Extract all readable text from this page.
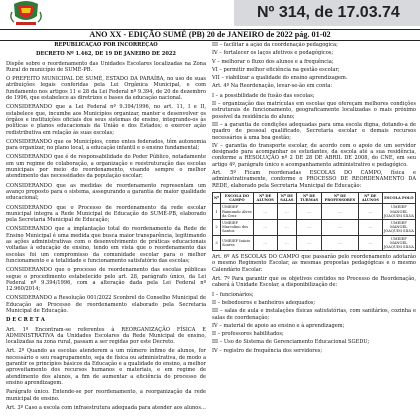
Nº 314, de 17.03.74
ANO XX - EDIÇÃO SUMÉ (PB) 20 de JANEIRO de 2022 pág. 01-02

REPUBLICAÇÃO POR INCORREÇÃO

DECRETO Nº 1.462, DE 19 DE JANEIRO DE 2022

Dispõe sobre o reordenamento das Unidades Escolares localizadas na Zona Rural do município de SUMÉ-PB.

O PREFEITO MUNICIPAL DE SUMÉ, ESTADO DA PARAÍBA, no uso de suas atribuições legais conferidas pela Lei Orgânica Municipal, e com fundamento nos artigos 11 e 28 da Lei Federal nº 9.394, de 20 de dezembro de 1996, que estabelece as diretrizes e bases da educação nacional.

CONSIDERANDO que a Lei Federal nº 9.394/1996, no art. 11, I e II, estabelece que, incumbe aos Municípios organizar, manter e desenvolver os órgãos e instituições oficiais dos seus sistemas de ensino, integrando-os às políticas e planos educacionais da União e dos Estados; e exercer ação redistributiva em relação às suas escolas;

CONSIDERANDO que os Municípios, como entes federados, têm autonomia para organizar, no plano local, a educação infantil e o ensino fundamental;

CONSIDERANDO que é de responsabilidade do Poder Público, notadamente em um regime de colaboração, a organização e reestruturação das escolas municipais por meio do reordenamento, visando sempre o melhor atendimento das necessidades da população escolar;

CONSIDERANDO que as medidas de reordenamento representam um avanço proposto para o sistema, assegurando a garantia de maior qualidade educacional;

CONSIDERANDO que o Processo de reordenamento da rede escolar municipal integra a Rede Municipal de Educação do SUMÉ-PB, elaborado pela Secretaria Municipal de Educação;

CONSIDERANDO que a implantação total do reordenamento da Rede de Ensino Municipal é uma medida que busca maior transparência, legitimando as ações administrativas com o desenvolvimento de práticas educacionais voltadas à educação de ensino, tendo em vista que o reordenamento das escolas foi um compromisso da comunidade escolar para o melhor funcionamento e a totalidade e funcionamento satisfatório das escolas;

CONSIDERANDO que o processo de reordenamento das escolas públicas segue o procedimento estabelecido pelo art. 28, parágrafo único, da Lei Federal nº 9.394/1996, com a alteração dada pela Lei Federal nº 12.960/2014;

CONSIDERANDO a Resolução 001/2022 Sconbrel do Conselho Municipal de Educação ao Processo de reordenamento elaborado pela Secretaria Municipal de Educação.

D E C R E T A

Art. 1º Encontram-se referentes à REORGANIZAÇÃO FÍSICA E ADMINISTRATIVA da Unidades Escolares da Rede Municipal de ensino, localizadas na zona rural, passam a ser regidas por este Decreto.

Art. 2º Quando as escolas atenderem a um número ínfimo de alunos, for necessário o seu reagrupamento, seja de física ou administrativa, de modo a garantir os princípios básicos da Educação e a qualidade do ensino, a melhor aproveitamento dos recursos humanos e materiais, e em regime de atendimento dos alunos, a fim de aumentar a eficiência do processo de ensino aprendizagem.

Parágrafo único. Entende-se por reordenamento, a reorganização da rede municipal de ensino.

Art. 3º Caso a escola com infraestrutura adequada para atender aos alunos...

III – facilitar a ação da coordenação pedagógica;

IV – fortalecer os laços afetivos e pedagógicos;

V – melhorar o fluxo dos alunos e a frequência;

VI – permitir melhor eficiência na gestão escolar;

VII – viabilizar a qualidade do ensino aprendizagem.

Art. 4º Na Reordenação, levar-se-ão em conta:

I – a possibilidade de fusão das escolas;

II – organização das matrículas em escolas que ofereçam melhores condições estruturais de funcionamento, geograficamente localizadas o mais próximo possível da residência do aluno;

III – a garantia de condições adequadas para uma escola digna, dotando-a de quadro de pessoal qualificado, Secretaria escolar e demais recursos necessários à uma boa gestão;

IV – garantia do transporte escolar, de acordo com o apoio de um servidor designado para acompanhar os estudantes, da escola até a sua residência, conforme a RESOLUÇÃO nº 2 DE 28 DE ABRIL DE 2008, do CNE, em seu artigo 4º, parágrafo único e acompanhamento administrativo e pedagógico.

Art. 5º Ficam reordenadas ESCOLAS DO CAMPO, física e administrativamente, conforme o PROCESSO DE REORDENAMENTO DA REDE, elaborado pela Secretaria Municipal de Educação:

Nº	ESCOLA DO CAMPO	Nº DE ALUNOS	Nº DE SALAS	Nº DE TURMAS	Nº DE PROFESSORES	Nº DE ALUNOS	ESCOLA POLO
1	UMEIEF Raimundo Alves da Cruz	…	…	…	…	…	UMEIEF MANOEL JOAQUIM SILVA
2	UMEIEF Marcolino dos Santos	…	…	…	…	…	UMEIEF MANOEL JOAQUIM SILVA
3	UMEIEF Inácio Soares	…	…	…	…	…	UMEIEF MANOEL JOAQUIM SILVA

Art. 6º AS ESCOLAS DO CAMPO que passarão pelo reordenamento adotarão o mesmo Regimento Escolar, as mesmas propostas pedagógicas e o mesmo Calendário Escolar.

Art. 7º Para garantir que os objetivos contidos no Processo de Reordenação, caberá à Unidade Escolar, a disponibilização de:

I – funcionários;

II – bebedouros e banheiros adequados;

III – salas de aula e instalações físicas satisfatórias, com sanitários, cozinha e salas de coordenação;

IV – material de apoio ao ensino e à aprendizagem;

II – professores habilitados;

III – Uso do Sistema de Gerenciamento Educacional SGEDU;

IV – registro de frequência dos servidores;
